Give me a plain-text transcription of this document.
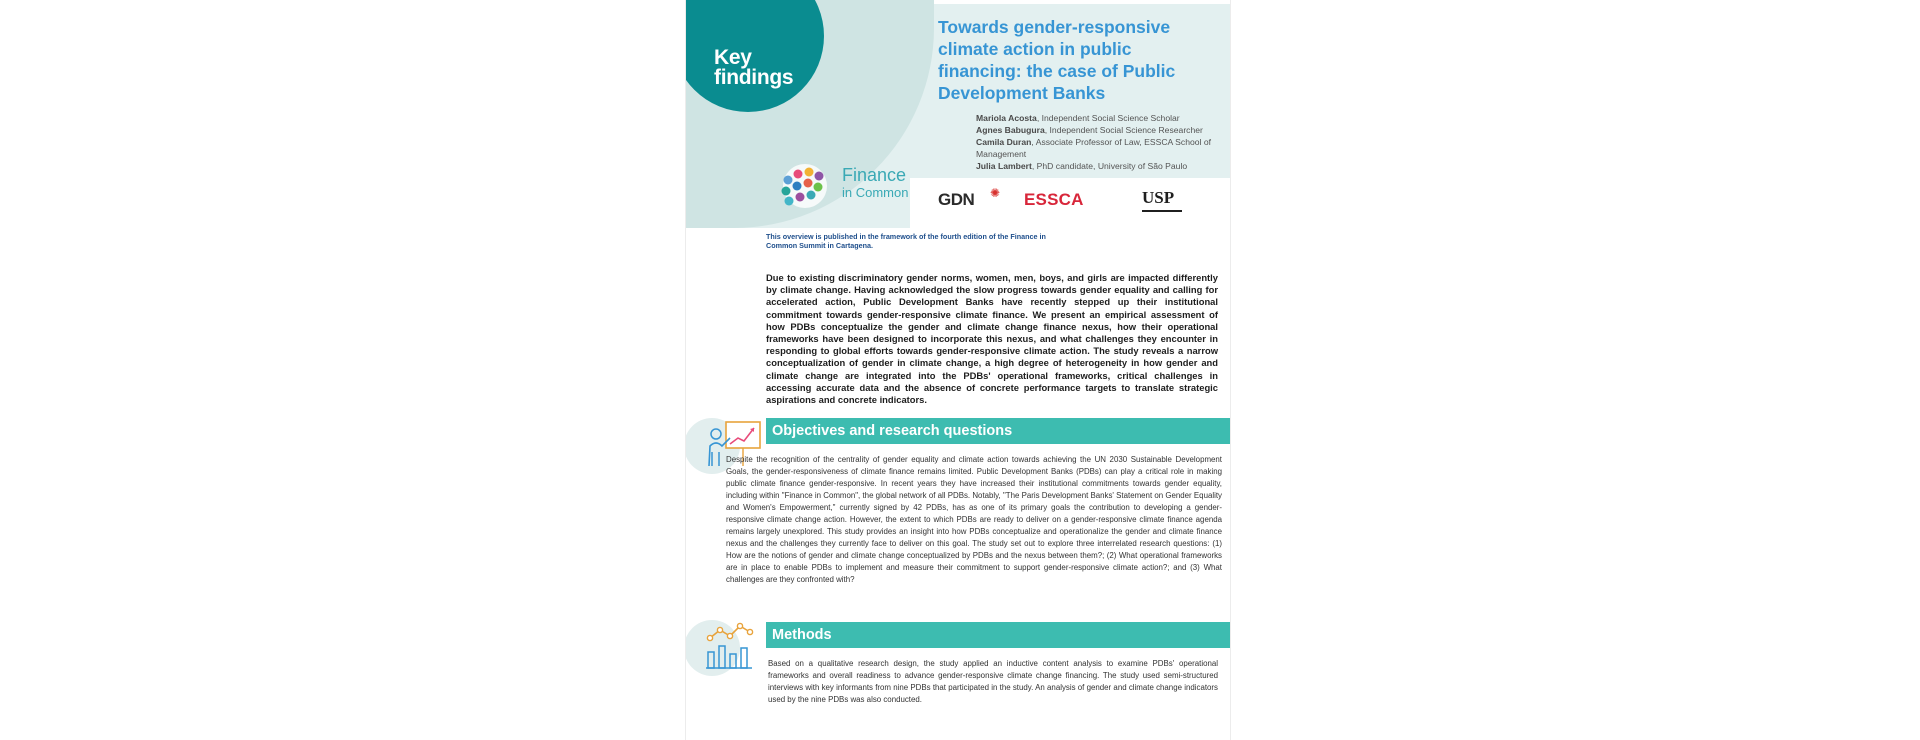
Key
findings
Finance
in Common
Towards gender-responsive climate action in public financing: the case of Public Development Banks
Mariola Acosta, Independent Social Science Scholar
Agnes Babugura, Independent Social Science Researcher
Camila Duran, Associate Professor of Law, ESSCA School of Management
Julia Lambert, PhD candidate, University of São Paulo
GDN ✺ ESSCA	USP
This overview is published in the framework of the fourth edition of the Finance in Common Summit in Cartagena.
Due to existing discriminatory gender norms, women, men, boys, and girls are impacted differently by climate change. Having acknowledged the slow progress towards gender equality and calling for accelerated action, Public Development Banks have recently stepped up their institutional commitment towards gender-responsive climate finance. We present an empirical assessment of how PDBs conceptualize the gender and climate change finance nexus, how their operational frameworks have been designed to incorporate this nexus, and what challenges they encounter in responding to global efforts towards gender-responsive climate action. The study reveals a narrow conceptualization of gender in climate change, a high degree of heterogeneity in how gender and climate change are integrated into the PDBs' operational frameworks, critical challenges in accessing accurate data and the absence of concrete performance targets to translate strategic aspirations and concrete indicators.
Objectives and research questions
Despite the recognition of the centrality of gender equality and climate action towards achieving the UN 2030 Sustainable Development Goals, the gender-responsiveness of climate finance remains limited. Public Development Banks (PDBs) can play a critical role in making public climate finance gender-responsive. In recent years they have increased their institutional commitments towards gender equality, including within "Finance in Common", the global network of all PDBs. Notably, "The Paris Development Banks' Statement on Gender Equality and Women's Empowerment," currently signed by 42 PDBs, has as one of its primary goals the contribution to developing a gender-responsive climate change action. However, the extent to which PDBs are ready to deliver on a gender-responsive climate finance agenda remains largely unexplored. This study provides an insight into how PDBs conceptualize and operationalize the gender and climate finance nexus and the challenges they currently face to deliver on this goal. The study set out to explore three interrelated research questions: (1) How are the notions of gender and climate change conceptualized by PDBs and the nexus between them?; (2) What operational frameworks are in place to enable PDBs to implement and measure their commitment to support gender-responsive climate action?; and (3) What challenges are they confronted with?
Methods
Based on a qualitative research design, the study applied an inductive content analysis to examine PDBs' operational frameworks and overall readiness to advance gender-responsive climate change financing. The study used semi-structured interviews with key informants from nine PDBs that participated in the study. An analysis of gender and climate change indicators used by the nine PDBs was also conducted.
